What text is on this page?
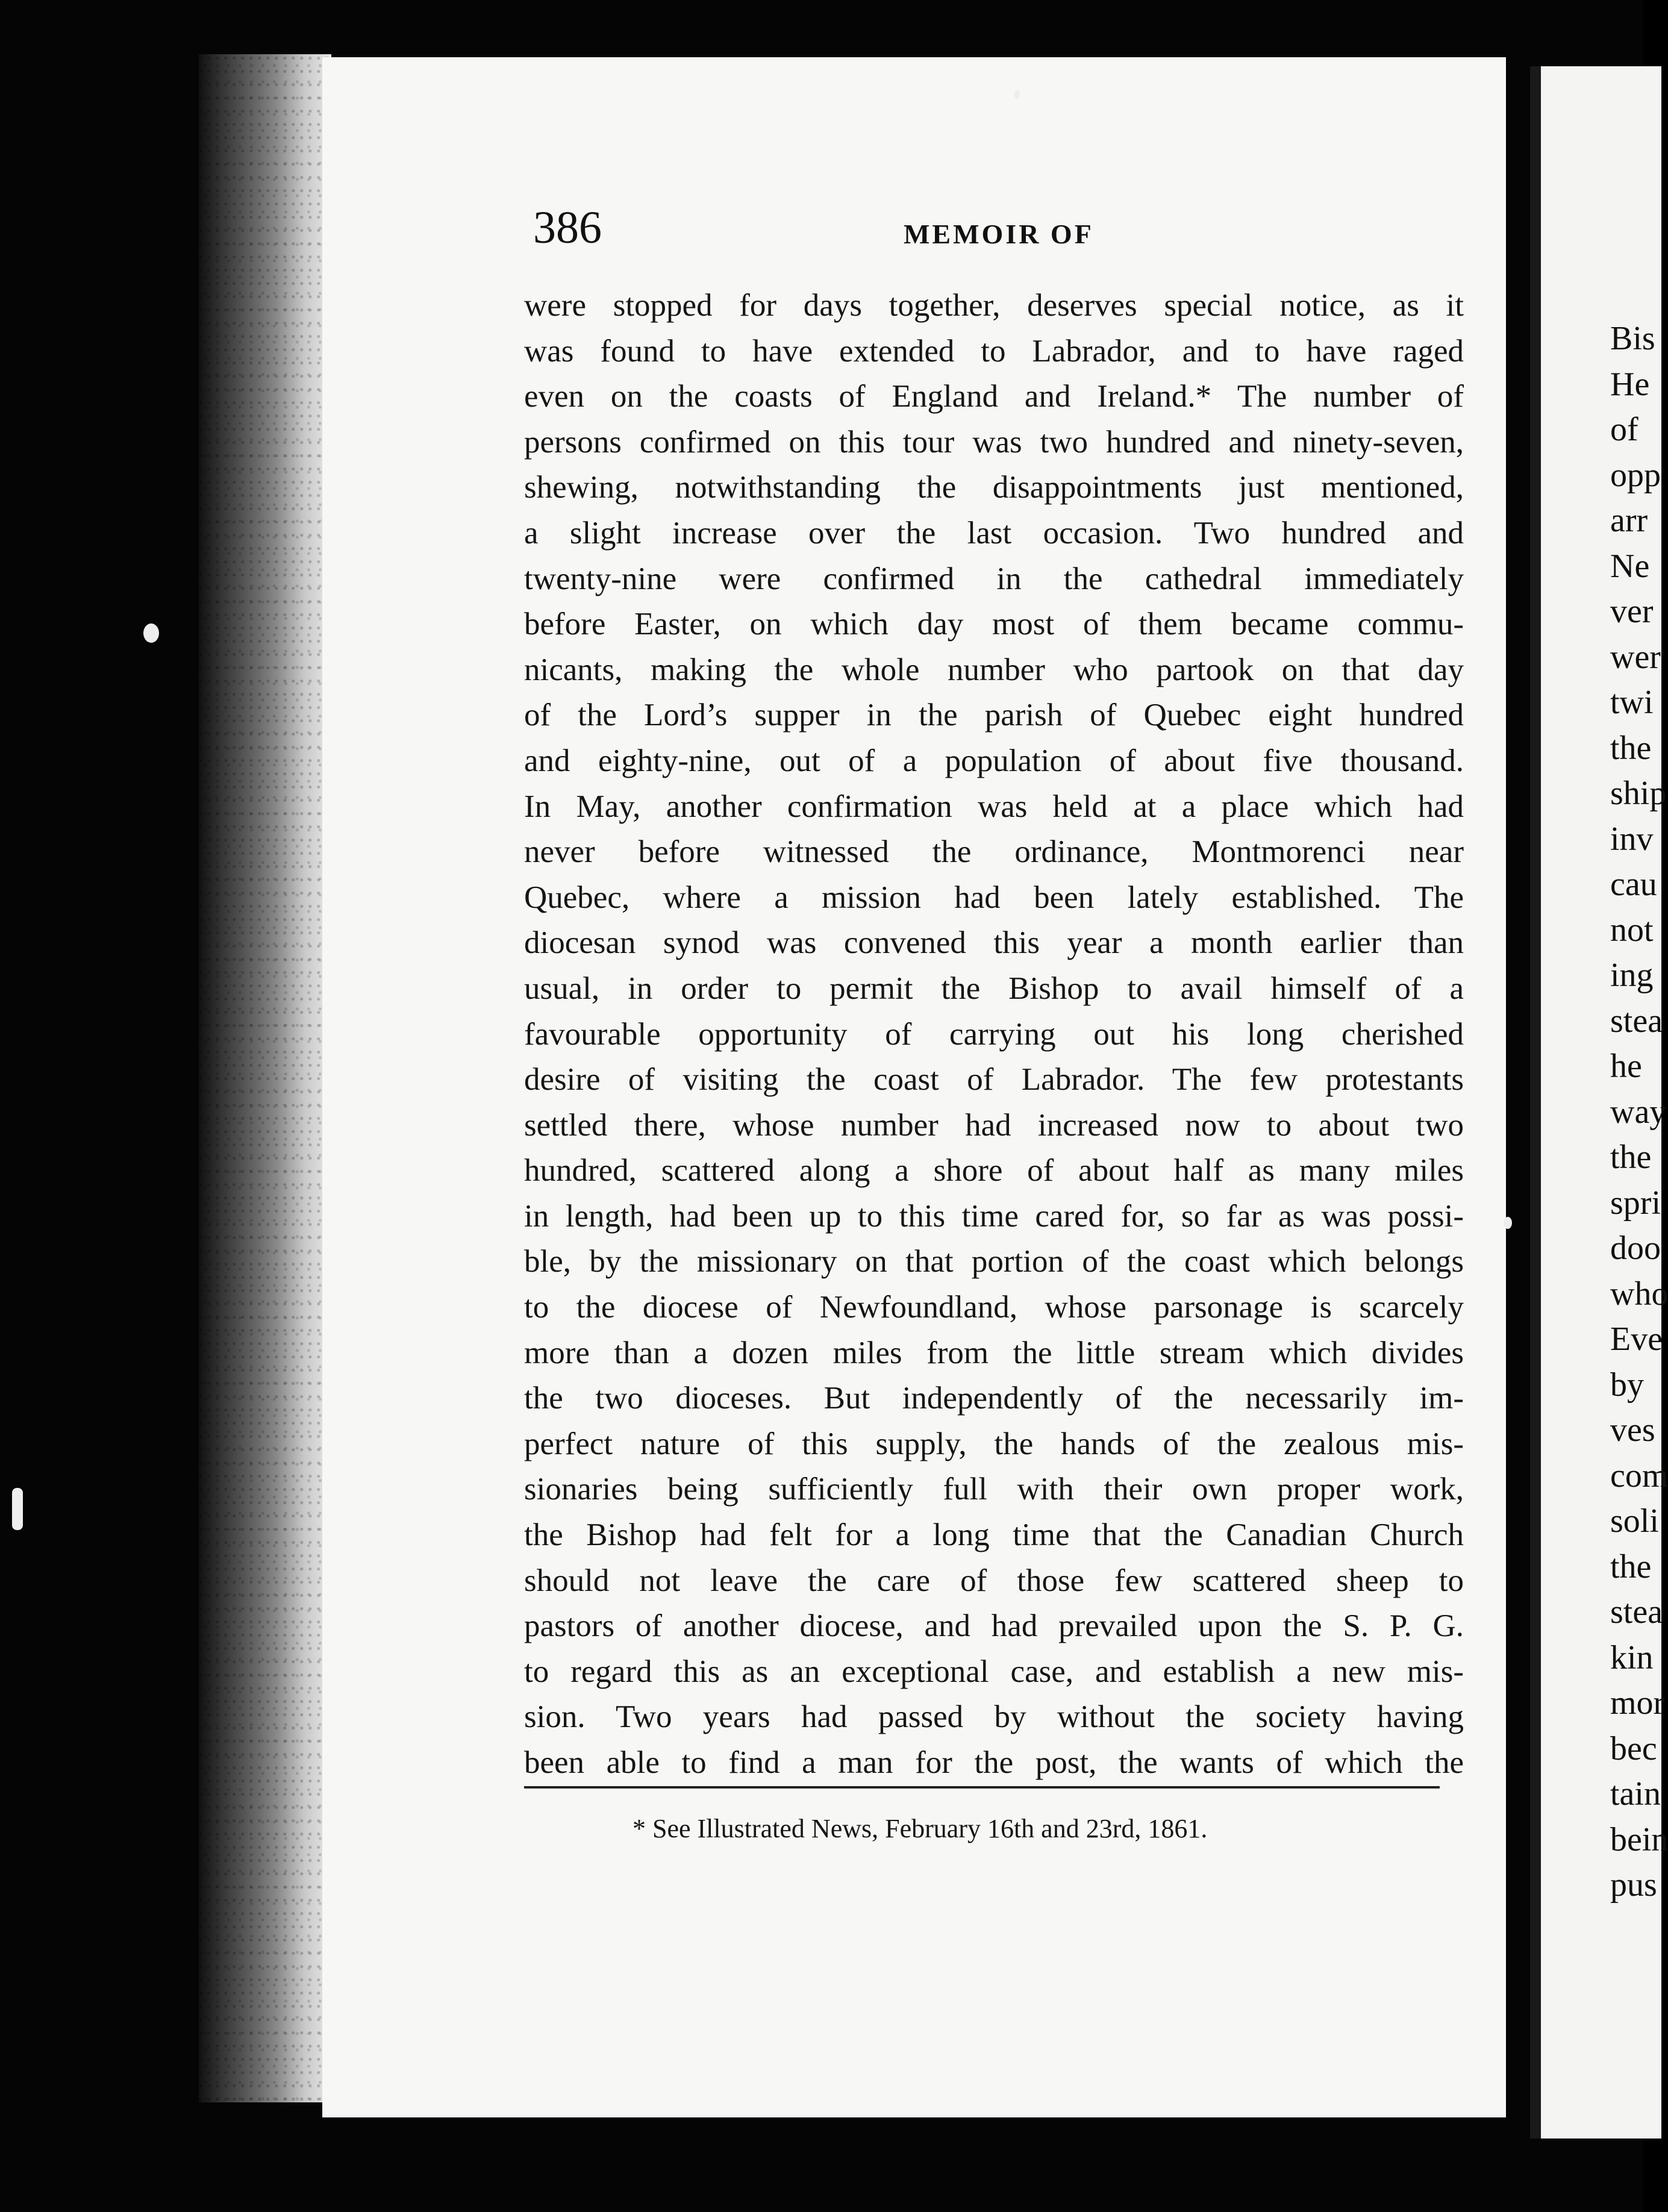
386	MEMOIR OF
were stopped for days together, deserves special notice, as it
was found to have extended to Labrador, and to have raged
even on the coasts of England and Ireland.* The number of
persons confirmed on this tour was two hundred and ninety-seven,
shewing, notwithstanding the disappointments just mentioned,
a slight increase over the last occasion. Two hundred and
twenty-nine were confirmed in the cathedral immediately
before Easter, on which day most of them became commu-
nicants, making the whole number who partook on that day
of the Lord’s supper in the parish of Quebec eight hundred
and eighty-nine, out of a population of about five thousand.
In May, another confirmation was held at a place which had
never before witnessed the ordinance, Montmorenci near
Quebec, where a mission had been lately established. The
diocesan synod was convened this year a month earlier than
usual, in order to permit the Bishop to avail himself of a
favourable opportunity of carrying out his long cherished
desire of visiting the coast of Labrador. The few protestants
settled there, whose number had increased now to about two
hundred, scattered along a shore of about half as many miles
in length, had been up to this time cared for, so far as was possi-
ble, by the missionary on that portion of the coast which belongs
to the diocese of Newfoundland, whose parsonage is scarcely
more than a dozen miles from the little stream which divides
the two dioceses. But independently of the necessarily im-
perfect nature of this supply, the hands of the zealous mis-
sionaries being sufficiently full with their own proper work,
the Bishop had felt for a long time that the Canadian Church
should not leave the care of those few scattered sheep to
pastors of another diocese, and had prevailed upon the S. P. G.
to regard this as an exceptional case, and establish a new mis-
sion. Two years had passed by without the society having
been able to find a man for the post, the wants of which the
* See Illustrated News, February 16th and 23rd, 1861.
Bis
He
of
opp
arr
Ne
ver
wer
twi
the
ship
inv
cau
not
ing
stea
he
way
the
spri
doo
who
Eve
by
ves
com
soli
the
stea
kin
mor
bec
tain
bein
pus
